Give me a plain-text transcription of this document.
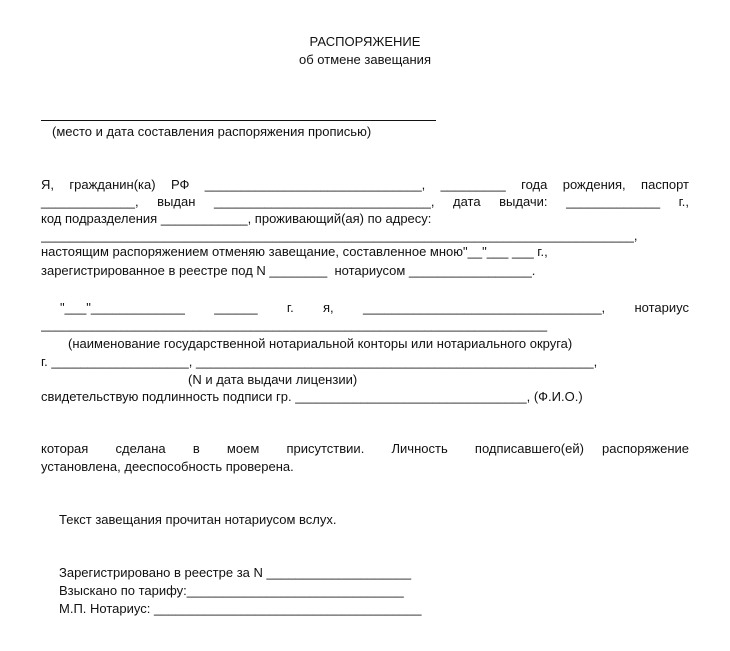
РАСПОРЯЖЕНИЕ
об отмене завещания
(место и дата составления распоряжения прописью)
Я,  гражданин(ка)  РФ  ______________________________,  _________  года  рождения,  паспорт
_____________, выдан ______________________________, дата выдачи: _____________ г.,
код подразделения ____________, проживающий(ая) по адресу:
__________________________________________________________________________________,
настоящим распоряжением отменяю завещание, составленное мною"__"___ ___ г.,
зарегистрированное в реестре под N ________  нотариусом _________________.
"___"_____________  ______  г.  я,  _________________________________,  нотариус
______________________________________________________________________
(наименование государственной нотариальной конторы или нотариального округа)
г. ___________________, _______________________________________________________,
(N и дата выдачи лицензии)
свидетельствую подлинность подписи гр. ________________________________, (Ф.И.О.)
которая   сделана   в   моем   присутствии.   Личность   подписавшего(ей)  распоряжение
установлена, дееспособность проверена.
Текст завещания прочитан нотариусом вслух.
Зарегистрировано в реестре за N ____________________
Взыскано по тарифу:______________________________
М.П. Нотариус: _____________________________________
